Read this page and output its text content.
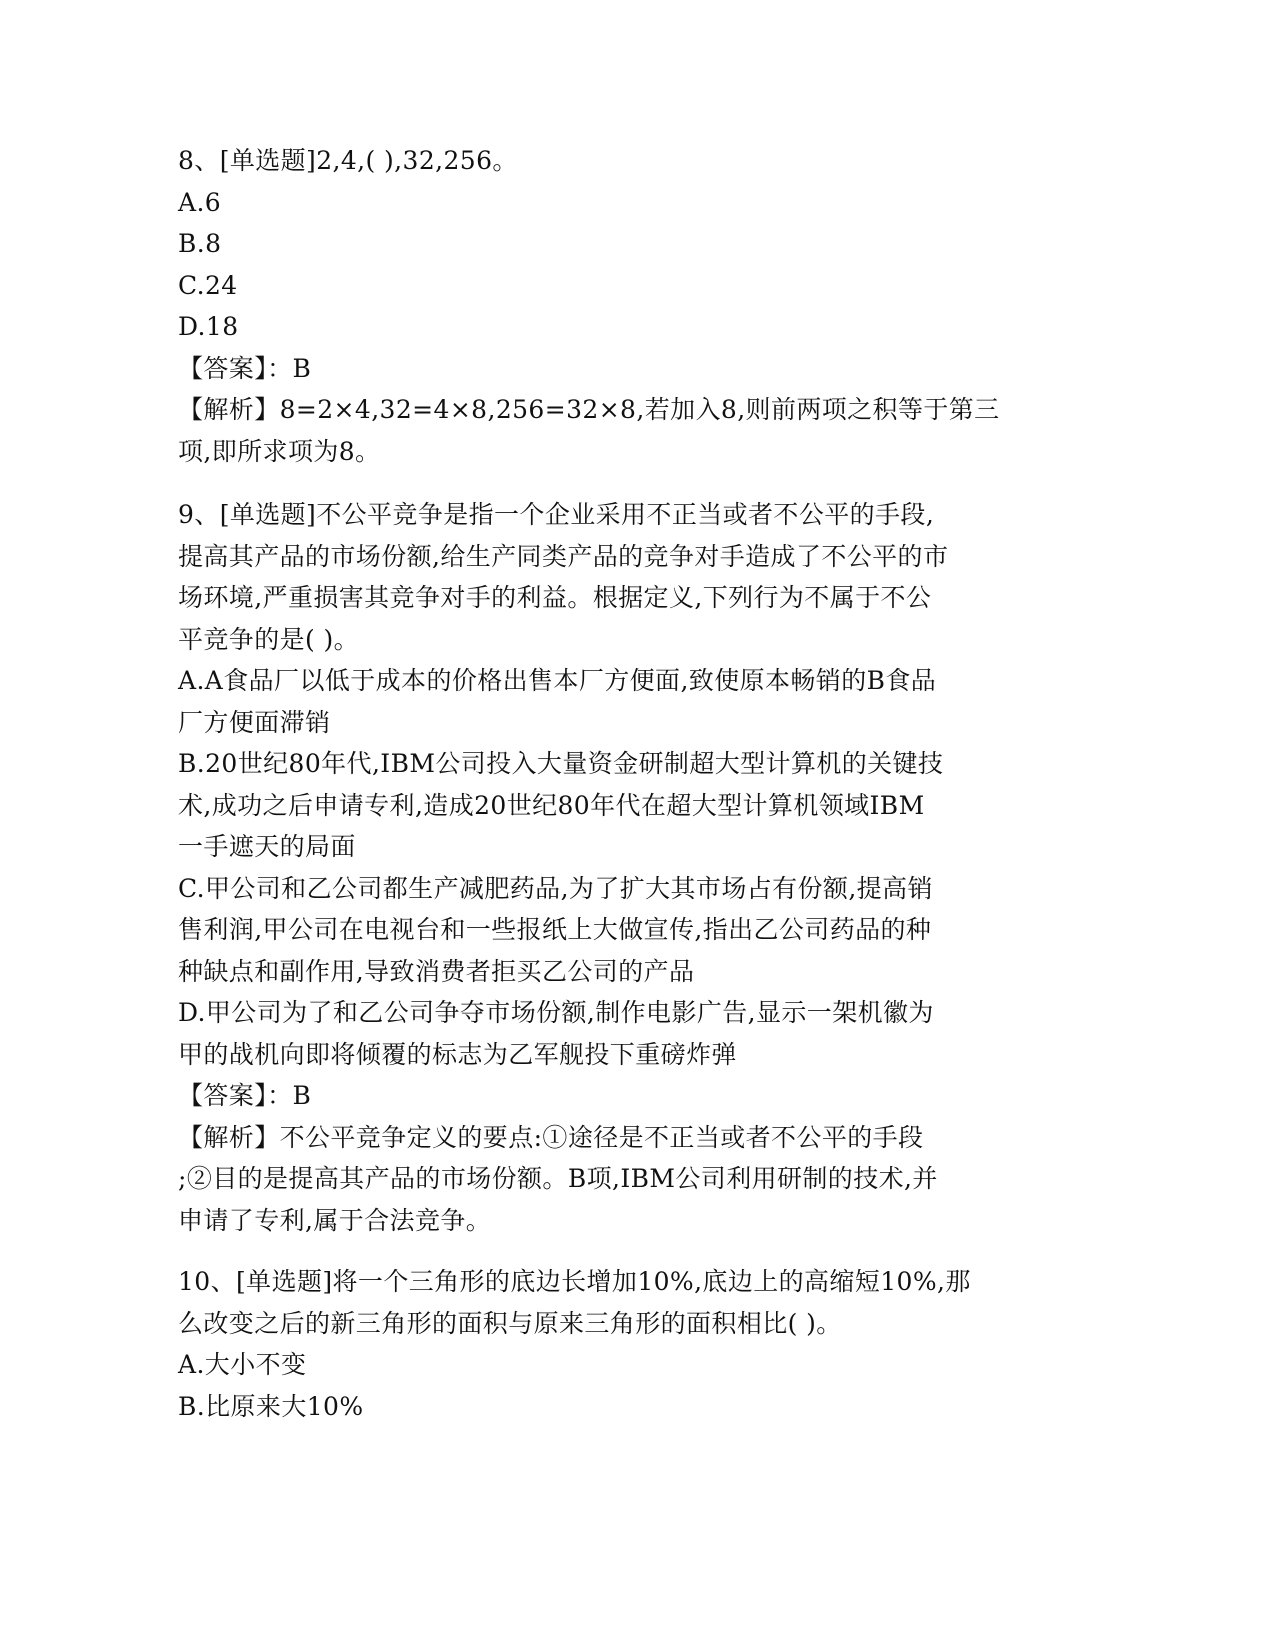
8、[单选题]2,4,( ),32,256。
A.6
B.8
C.24
D.18
【答案】：B
【解析】8=2×4,32=4×8,256=32×8,若加入8,则前两项之积等于第三
项,即所求项为8。
9、[单选题]不公平竞争是指一个企业采用不正当或者不公平的手段,
提高其产品的市场份额,给生产同类产品的竞争对手造成了不公平的市
场环境,严重损害其竞争对手的利益。根据定义,下列行为不属于不公
平竞争的是( )。
A.A食品厂以低于成本的价格出售本厂方便面,致使原本畅销的B食品
厂方便面滞销
B.20世纪80年代,IBM公司投入大量资金研制超大型计算机的关键技
术,成功之后申请专利,造成20世纪80年代在超大型计算机领域IBM
一手遮天的局面
C.甲公司和乙公司都生产减肥药品,为了扩大其市场占有份额,提高销
售利润,甲公司在电视台和一些报纸上大做宣传,指出乙公司药品的种
种缺点和副作用,导致消费者拒买乙公司的产品
D.甲公司为了和乙公司争夺市场份额,制作电影广告,显示一架机徽为
甲的战机向即将倾覆的标志为乙军舰投下重磅炸弹
【答案】：B
【解析】不公平竞争定义的要点:①途径是不正当或者不公平的手段
;②目的是提高其产品的市场份额。B项,IBM公司利用研制的技术,并
申请了专利,属于合法竞争。
10、[单选题]将一个三角形的底边长增加10%,底边上的高缩短10%,那
么改变之后的新三角形的面积与原来三角形的面积相比( )。
A.大小不变
B.比原来大10%
